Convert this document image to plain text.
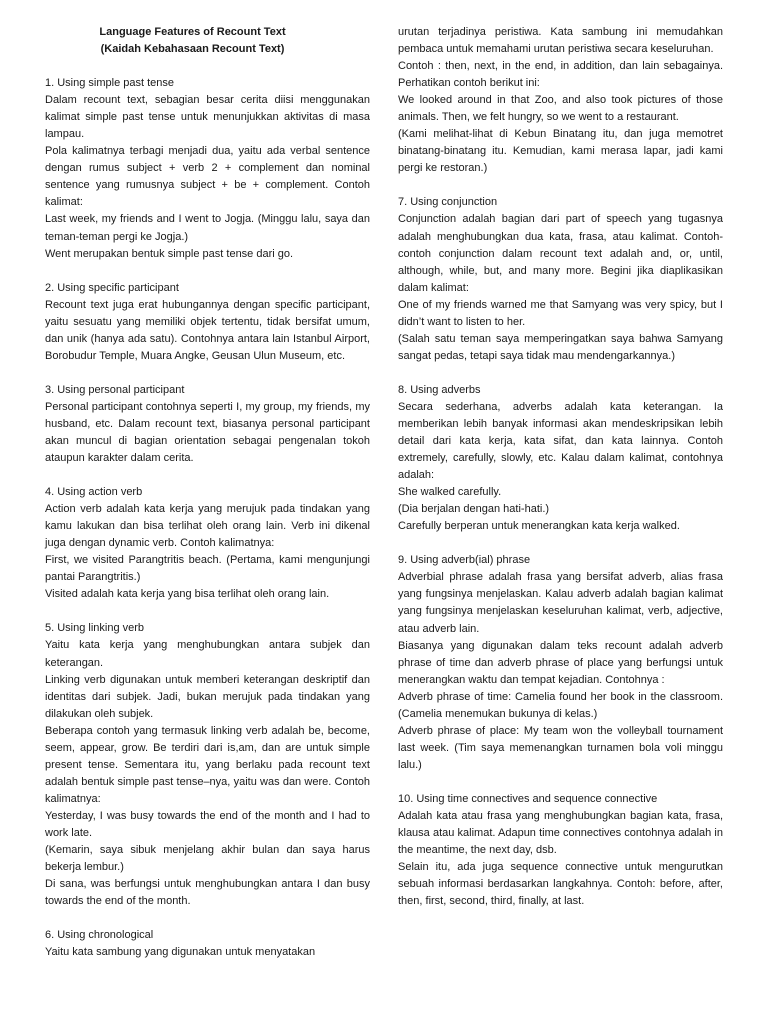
Language Features of Recount Text

(Kaidah Kebahasaan Recount Text)

1. Using simple past tense

Dalam recount text, sebagian besar cerita diisi menggunakan kalimat simple past tense untuk menunjukkan aktivitas di masa lampau.

Pola kalimatnya terbagi menjadi dua, yaitu ada verbal sentence dengan rumus subject + verb 2 + complement dan nominal sentence yang rumusnya subject + be + complement. Contoh kalimat:

Last week, my friends and I went to Jogja. (Minggu lalu, saya dan teman-teman pergi ke Jogja.)

Went merupakan bentuk simple past tense dari go.

2. Using specific participant

Recount text juga erat hubungannya dengan specific participant, yaitu sesuatu yang memiliki objek tertentu, tidak bersifat umum, dan unik (hanya ada satu). Contohnya antara lain Istanbul Airport, Borobudur Temple, Muara Angke, Geusan Ulun Museum, etc.

3. Using personal participant

Personal participant contohnya seperti I, my group, my friends, my husband, etc. Dalam recount text, biasanya personal participant akan muncul di bagian orientation sebagai pengenalan tokoh ataupun karakter dalam cerita.

4. Using action verb

Action verb adalah kata kerja yang merujuk pada tindakan yang kamu lakukan dan bisa terlihat oleh orang lain. Verb ini dikenal juga dengan dynamic verb. Contoh kalimatnya:

First, we visited Parangtritis beach. (Pertama, kami mengunjungi pantai Parangtritis.)

Visited adalah kata kerja yang bisa terlihat oleh orang lain.

5. Using linking verb

Yaitu kata kerja yang menghubungkan antara subjek dan keterangan.

Linking verb digunakan untuk memberi keterangan deskriptif dan identitas dari subjek. Jadi, bukan merujuk pada tindakan yang dilakukan oleh subjek.

Beberapa contoh yang termasuk linking verb adalah be, become, seem, appear, grow. Be terdiri dari is,am, dan are untuk simple present tense. Sementara itu, yang berlaku pada recount text adalah bentuk simple past tense–nya, yaitu was dan were. Contoh kalimatnya:

Yesterday, I was busy towards the end of the month and I had to work late.

(Kemarin, saya sibuk menjelang akhir bulan dan saya harus bekerja lembur.)

Di sana, was berfungsi untuk menghubungkan antara I dan busy towards the end of the month.

6. Using chronological

Yaitu kata sambung yang digunakan untuk menyatakan

urutan terjadinya peristiwa. Kata sambung ini memudahkan pembaca untuk memahami urutan peristiwa secara keseluruhan.

Contoh : then, next, in the end, in addition, dan lain sebagainya. Perhatikan contoh berikut ini:

We looked around in that Zoo, and also took pictures of those animals. Then, we felt hungry, so we went to a restaurant.

(Kami melihat-lihat di Kebun Binatang itu, dan juga memotret binatang-binatang itu. Kemudian, kami merasa lapar, jadi kami pergi ke restoran.)

7. Using conjunction

Conjunction adalah bagian dari part of speech yang tugasnya adalah menghubungkan dua kata, frasa, atau kalimat. Contoh-contoh conjunction dalam recount text adalah and, or, until, although, while, but, and many more. Begini jika diaplikasikan dalam kalimat:

One of my friends warned me that Samyang was very spicy, but I didn’t want to listen to her.

(Salah satu teman saya memperingatkan saya bahwa Samyang sangat pedas, tetapi saya tidak mau mendengarkannya.)

8. Using adverbs

Secara sederhana, adverbs adalah kata keterangan. Ia memberikan lebih banyak informasi akan mendeskripsikan lebih detail dari kata kerja, kata sifat, dan kata lainnya. Contoh extremely, carefully, slowly, etc. Kalau dalam kalimat, contohnya adalah:

She walked carefully.

(Dia berjalan dengan hati-hati.)

Carefully berperan untuk menerangkan kata kerja walked.

9. Using adverb(ial) phrase

Adverbial phrase adalah frasa yang bersifat adverb, alias frasa yang fungsinya menjelaskan. Kalau adverb adalah bagian kalimat yang fungsinya menjelaskan keseluruhan kalimat, verb, adjective, atau adverb lain.

Biasanya yang digunakan dalam teks recount adalah adverb phrase of time dan adverb phrase of place yang berfungsi untuk menerangkan waktu dan tempat kejadian. Contohnya :

Adverb phrase of time: Camelia found her book in the classroom. (Camelia menemukan bukunya di kelas.)

Adverb phrase of place: My team won the volleyball tournament last week. (Tim saya memenangkan turnamen bola voli minggu lalu.)

10. Using time connectives and sequence connective

Adalah kata atau frasa yang menghubungkan bagian kata, frasa, klausa atau kalimat. Adapun time connectives contohnya adalah in the meantime, the next day, dsb.

Selain itu, ada juga sequence connective untuk mengurutkan sebuah informasi berdasarkan langkahnya. Contoh: before, after, then, first, second, third, finally, at last.
